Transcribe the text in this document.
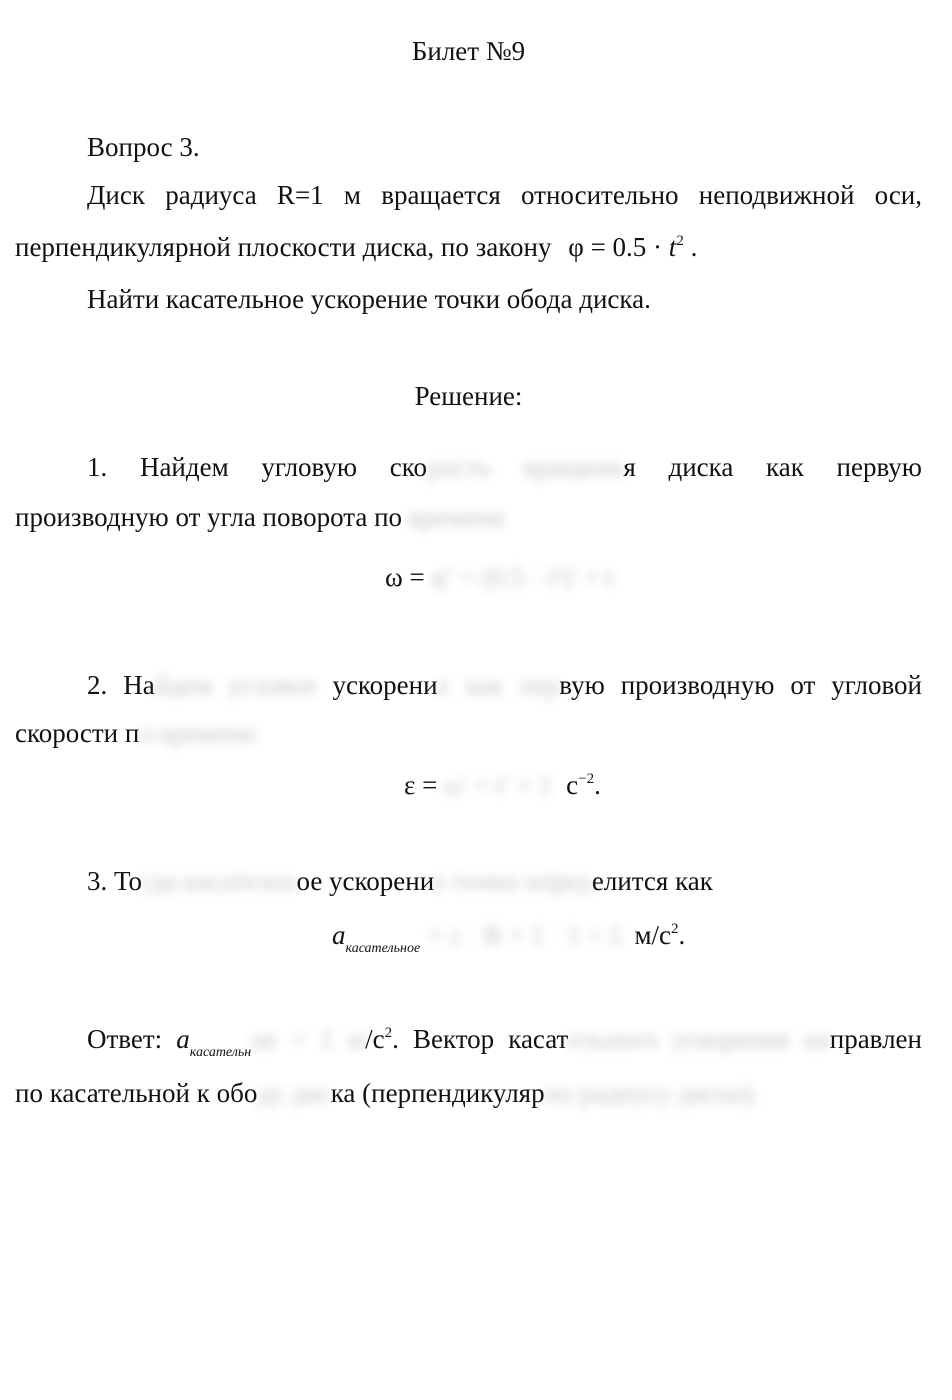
Билет №9
Вопрос 3.
Диск радиуса R=1 м вращается относительно неподвижной оси,
перпендикулярной плоскости диска, по закону $\varphi = 0.5 \cdot t^2$ .
Найти касательное ускорение точки обода диска.
Решение:
1. Найдем угловую скорость вращения диска как первую
производную от угла поворота по времени
ω = φ′ = (0.5 · t²)′ = t
2. Найдем угловое ускорение как первую производную от угловой
скорости по времени
ε = ω′ = t′ = 1 $c^{-2}$.
3. Тогда касательное ускорение точки определится как
$a_{касательное} = \varepsilon \cdot R = 1 \cdot 1 = 1$ $м/c^2$.
Ответ: $a_{касательн}ое = 1$ $м/c^2$. Вектор касательного ускорения направлен
по касательной к ободу диска (перпендикулярно радиусу диска).
